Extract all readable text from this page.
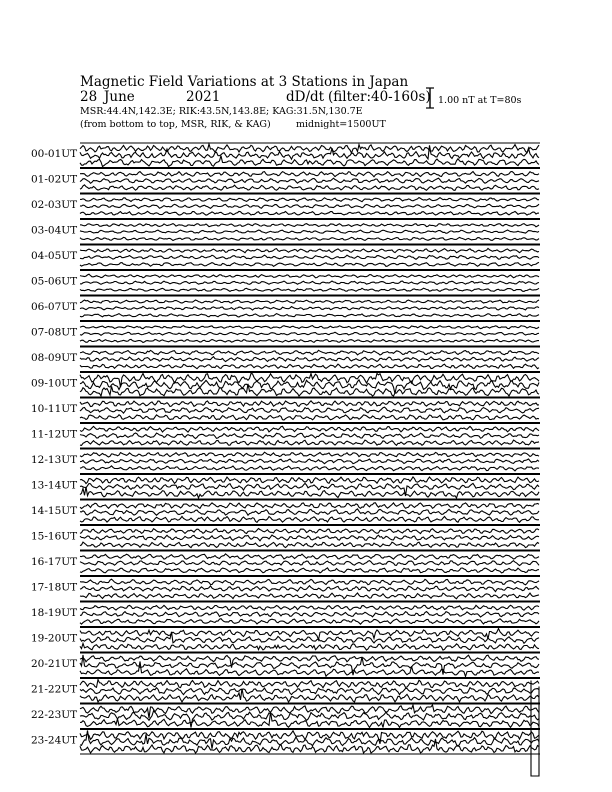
Magnetic Field Variations at 3 Stations in Japan
28 June	2021	dD/dt (filter:40-160s)
MSR:44.4N,142.3E; RIK:43.5N,143.8E; KAG:31.5N,130.7E
(from bottom to top, MSR, RIK, & KAG)	midnight=1500UT
1.00 nT at T=80s
00-01UT
01-02UT
02-03UT
03-04UT
04-05UT
05-06UT
06-07UT
07-08UT
08-09UT
09-10UT
10-11UT
11-12UT
12-13UT
13-14UT
14-15UT
15-16UT
16-17UT
17-18UT
18-19UT
19-20UT
20-21UT
21-22UT
22-23UT
23-24UT
